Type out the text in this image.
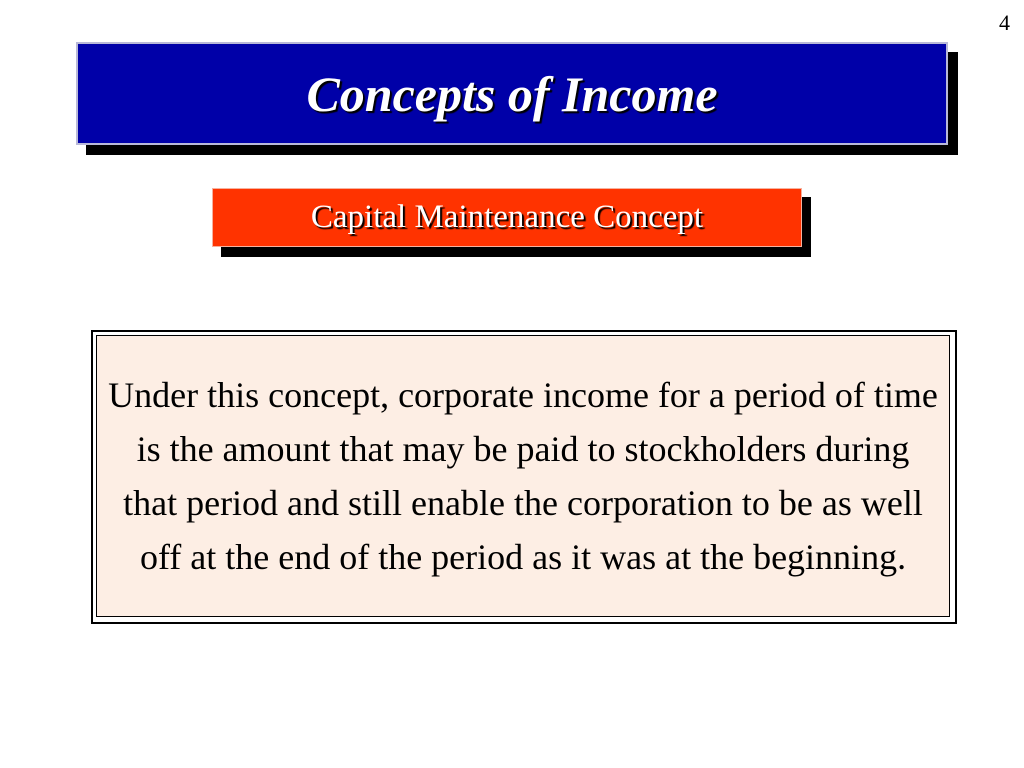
4
Concepts of Income
Capital Maintenance Concept

Under this concept, corporate income for a period of time is the amount that may be paid to stockholders during that period and still enable the corporation to be as well off at the end of the period as it was at the beginning.
